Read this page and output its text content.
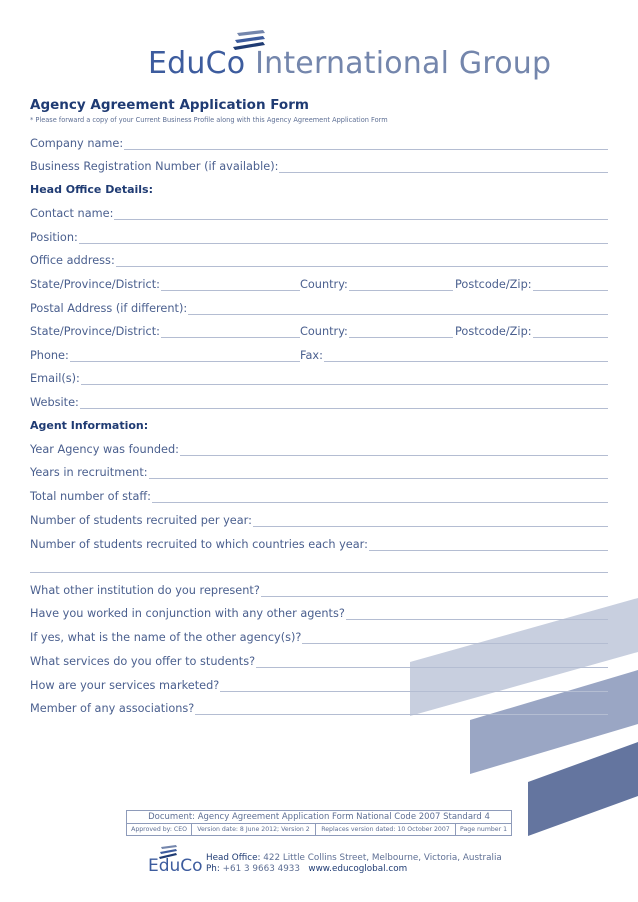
EduCo International Group
Agency Agreement Application Form
* Please forward a copy of your Current Business Profile along with this Agency Agreement Application Form
Company name:
Business Registration Number (if available):
Head Office Details:
Contact name:
Position:
Office address:
State/Province/District:	Country:	Postcode/Zip:
Postal Address (if different):
State/Province/District:	Country:	Postcode/Zip:
Phone:	Fax:
Email(s):
Website:
Agent Information:
Year Agency was founded:
Years in recruitment:
Total number of staff:
Number of students recruited per year:
Number of students recruited to which countries each year:
What other institution do you represent?
Have you worked in conjunction with any other agents?
If yes, what is the name of the other agency(s)?
What services do you offer to students?
How are your services marketed?
Member of any associations?
Document: Agency Agreement Application Form National Code 2007 Standard 4
Approved by: CEO	Version date: 8 June 2012; Version 2	Replaces version dated: 10 October 2007	Page number 1
EduCo Head Office: 422 Little Collins Street, Melbourne, Victoria, Australia
Ph: +61 3 9663 4933 www.educoglobal.com
